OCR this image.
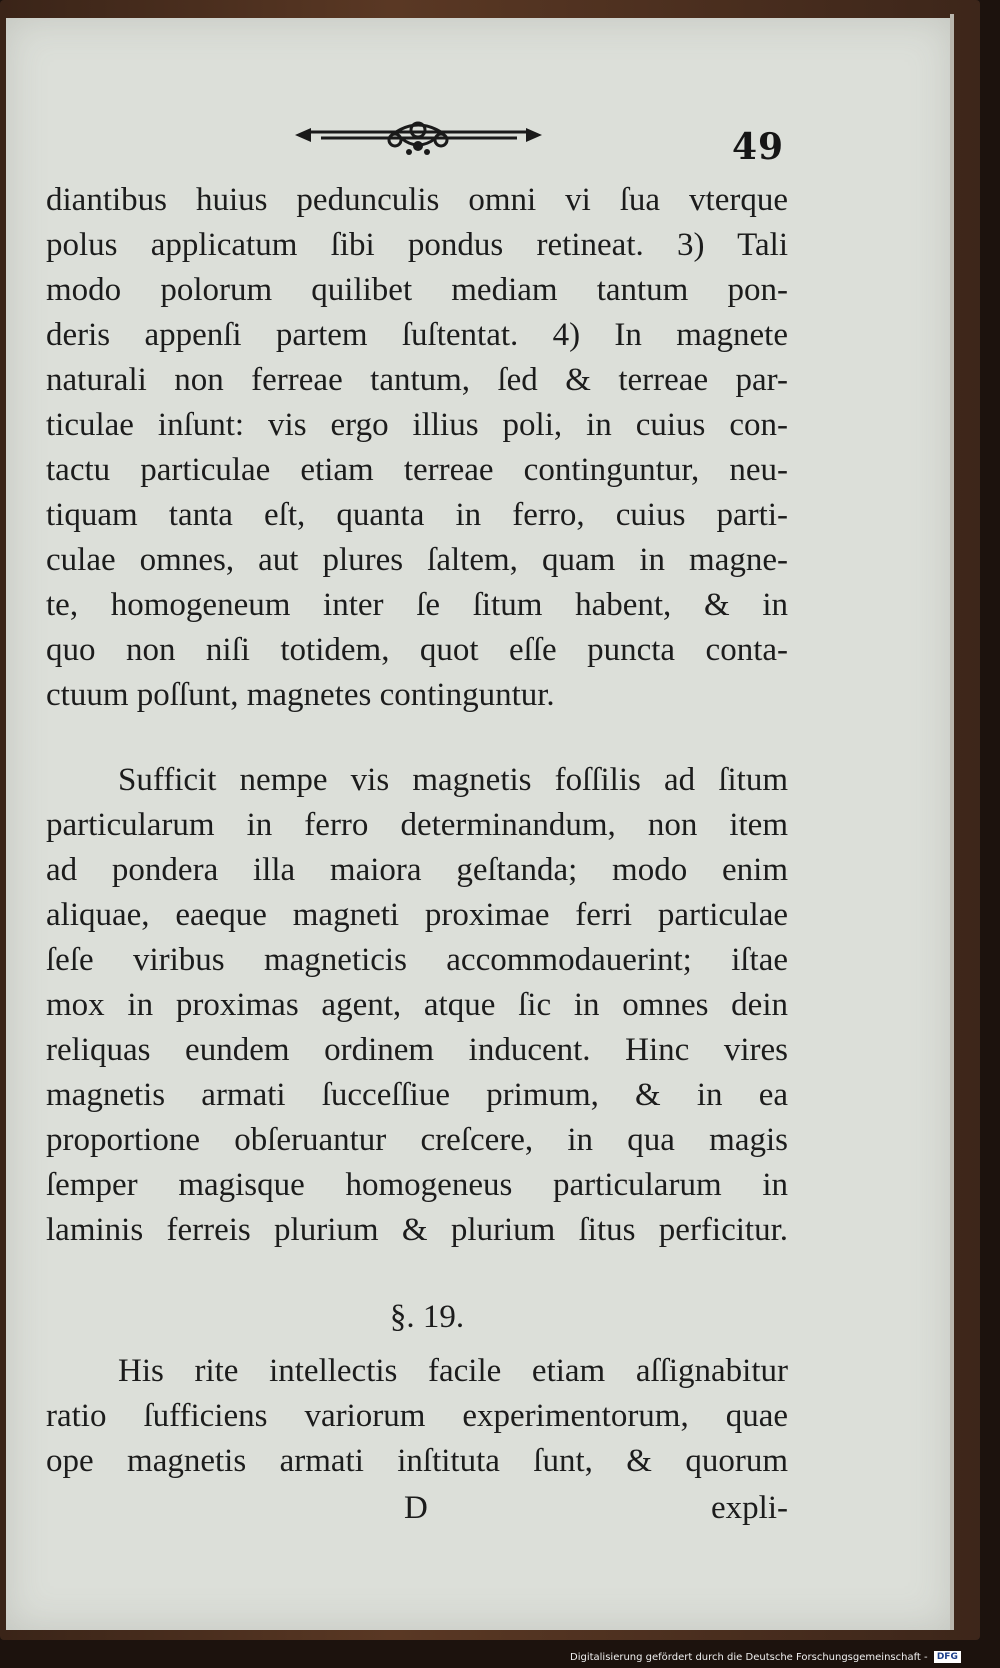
49
diantibus huius pedunculis omni vi ſua vterque
polus applicatum ſibi pondus retineat. 3) Tali
modo polorum quilibet mediam tantum pon-
deris appenſi partem ſuſtentat. 4) In magnete
naturali non ferreae tantum, ſed & terreae par-
ticulae inſunt: vis ergo illius poli, in cuius con-
tactu particulae etiam terreae continguntur, neu-
tiquam tanta eſt, quanta in ferro, cuius parti-
culae omnes, aut plures ſaltem, quam in magne-
te, homogeneum inter ſe ſitum habent, & in
quo non niſi totidem, quot eſſe puncta conta-
ctuum poſſunt, magnetes continguntur.
Sufficit nempe vis magnetis foſſilis ad ſitum
particularum in ferro determinandum, non item
ad pondera illa maiora geſtanda; modo enim
aliquae, eaeque magneti proximae ferri particulae
ſeſe viribus magneticis accommodauerint; iſtae
mox in proximas agent, atque ſic in omnes dein
reliquas eundem ordinem inducent. Hinc vires
magnetis armati ſucceſſiue primum, & in ea
proportione obſeruantur creſcere, in qua magis
ſemper magisque homogeneus particularum in
laminis ferreis plurium & plurium ſitus perficitur.
§. 19.
His rite intellectis facile etiam aſſignabitur
ratio ſufficiens variorum experimentorum, quae
ope magnetis armati inſtituta ſunt, & quorum
D	expli-
Digitalisierung gefördert durch die Deutsche Forschungsgemeinschaft - DFG
